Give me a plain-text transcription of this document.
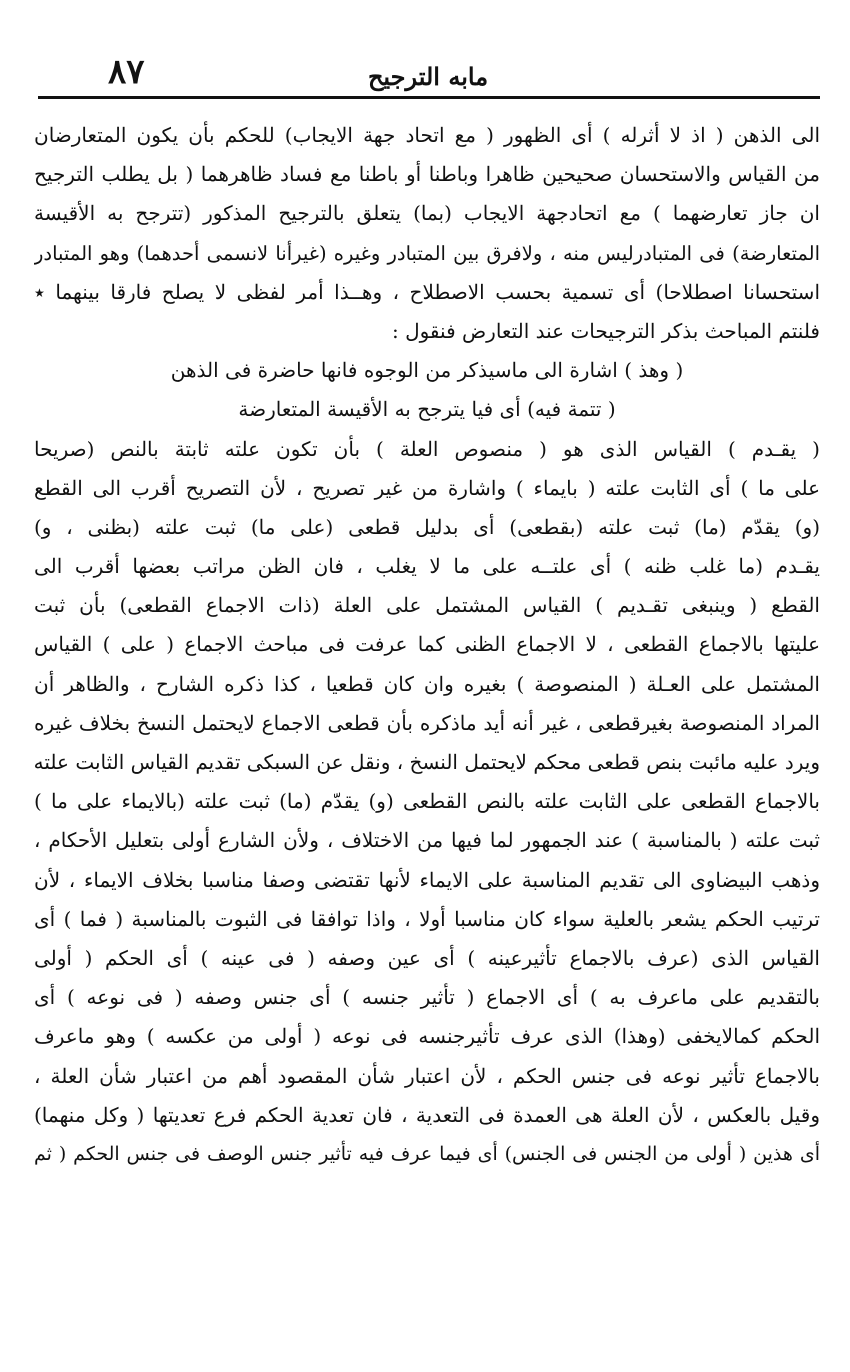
مابه الترجيح
٨٧
الى الذهن ( اذ لا أثرله ) أى الظهور ( مع اتحاد جهة الايجاب) للحكم بأن يكون المتعارضان
من القياس والاستحسان صحيحين ظاهرا وباطنا أو باطنا مع فساد ظاهرهما ( بل يطلب الترجيح
ان جاز تعارضهما ) مع اتحادجهة الايجاب (بما) يتعلق بالترجيح المذكور (تترجح به الأقيسة
المتعارضة) فى المتبادرليس منه ، ولافرق بين المتبادر وغيره (غيرأنا لانسمى أحدهما) وهو المتبادر
استحسانا اصطلاحا) أى تسمية بحسب الاصطلاح ، وهــذا أمر لفظى لا يصلح فارقا بينهما ٭
فلنتم المباحث بذكر الترجيحات عند التعارض فنقول :
( وهذ ) اشارة الى ماسيذكر من الوجوه فانها حاضرة فى الذهن
( تتمة فيه) أى فيا يترجح به الأقيسة المتعارضة
( يقـدم ) القياس الذى هو ( منصوص العلة ) بأن تكون علته ثابتة بالنص (صريحا
على ما ) أى الثابت علته ( بايماء ) واشارة من غير تصريح ، لأن التصريح أقرب الى القطع
(و) يقدّم (ما) ثبت علته (بقطعى) أى بدليل قطعى (على ما) ثبت علته (بظنى ، و)
يقـدم (ما غلب ظنه ) أى علتــه على ما لا يغلب ، فان الظن مراتب بعضها أقرب الى
القطع ( وينبغى تقـديم ) القياس المشتمل على العلة (ذات الاجماع القطعى) بأن ثبت
عليتها بالاجماع القطعى ، لا الاجماع الظنى كما عرفت فى مباحث الاجماع ( على ) القياس
المشتمل على العـلة ( المنصوصة ) بغيره وان كان قطعيا ، كذا ذكره الشارح ، والظاهر أن
المراد المنصوصة بغيرقطعى ، غير أنه أيد ماذكره بأن قطعى الاجماع لايحتمل النسخ بخلاف غيره
ويرد عليه مائبت بنص قطعى محكم لايحتمل النسخ ، ونقل عن السبكى تقديم القياس الثابت علته
بالاجماع القطعى على الثابت علته بالنص القطعى (و) يقدّم (ما) ثبت علته (بالايماء على ما )
ثبت علته ( بالمناسبة ) عند الجمهور لما فيها من الاختلاف ، ولأن الشارع أولى بتعليل الأحكام ،
وذهب البيضاوى الى تقديم المناسبة على الايماء لأنها تقتضى وصفا مناسبا بخلاف الايماء ، لأن
ترتيب الحكم يشعر بالعلية سواء كان مناسبا أولا ، واذا توافقا فى الثبوت بالمناسبة ( فما ) أى
القياس الذى (عرف بالاجماع تأثيرعينه ) أى عين وصفه ( فى عينه ) أى الحكم ( أولى
بالتقديم على ماعرف به ) أى الاجماع ( تأثير جنسه ) أى جنس وصفه ( فى نوعه ) أى
الحكم كمالايخفى (وهذا) الذى عرف تأثيرجنسه فى نوعه ( أولى من عكسه ) وهو ماعرف
بالاجماع تأثير نوعه فى جنس الحكم ، لأن اعتبار شأن المقصود أهم من اعتبار شأن العلة ،
وقيل بالعكس ، لأن العلة هى العمدة فى التعدية ، فان تعدية الحكم فرع تعديتها ( وكل منهما)
أى هذين ( أولى من الجنس فى الجنس) أى فيما عرف فيه تأثير جنس الوصف فى جنس الحكم ( ثم
